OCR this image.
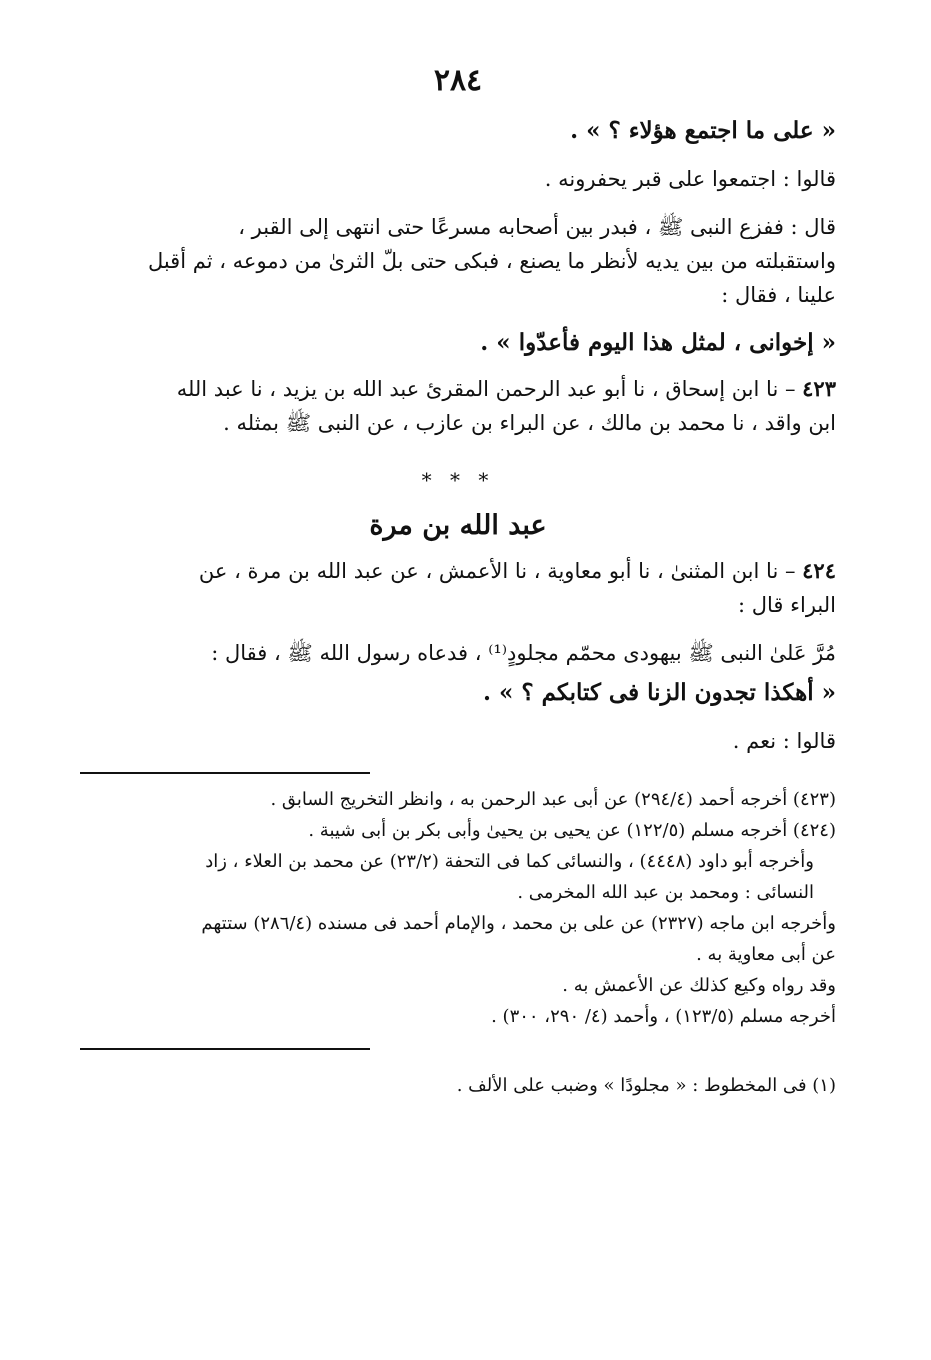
٢٨٤

« على ما اجتمع هؤلاء ؟ » .

قالوا : اجتمعوا على قبر يحفرونه .

قال : ففزع النبى ﷺ ، فبدر بين أصحابه مسرعًا حتى انتهى إلى القبر ،

واستقبلته من بين يديه لأنظر ما يصنع ، فبكى حتى بلّ الثرىٰ من دموعه ، ثم أقبل

علينا ، فقال :

« إخوانى ، لمثل هذا اليوم فأعدّوا » .

٤٢٣ – نا ابن إسحاق ، نا أبو عبد الرحمن المقرئ عبد الله بن يزيد ، نا عبد الله

ابن واقد ، نا محمد بن مالك ، عن البراء بن عازب ، عن النبى ﷺ بمثله .

* * *
عبد الله بن مرة

٤٢٤ – نا ابن المثنىٰ ، نا أبو معاوية ، نا الأعمش ، عن عبد الله بن مرة ، عن

البراء قال :

مُرَّ عَلىٰ النبى ﷺ بيهودى محمّم مجلودٍ⁽¹⁾ ، فدعاه رسول الله ﷺ ، فقال :

« أهكذا تجدون الزنا فى كتابكم ؟ » .

قالوا : نعم .

(٤٢٣) أخرجه أحمد (٢٩٤/٤) عن أبى عبد الرحمن به ، وانظر التخريج السابق .

(٤٢٤) أخرجه مسلم (١٢٢/٥) عن يحيى بن يحيىٰ وأبى بكر بن أبى شيبة .

وأخرجه أبو داود (٤٤٤٨) ، والنسائى كما فى التحفة (٢٣/٢) عن محمد بن العلاء ، زاد

النسائى : ومحمد بن عبد الله المخرمى .

وأخرجه ابن ماجه (٢٣٢٧) عن على بن محمد ، والإمام أحمد فى مسنده (٢٨٦/٤) ستتهم

عن أبى معاوية به .

وقد رواه وكيع كذلك عن الأعمش به .

أخرجه مسلم (١٢٣/٥) ، وأحمد (٤/ ٢٩٠، ٣٠٠) .

(١) فى المخطوط : « مجلودًا » وضبب على الألف .
